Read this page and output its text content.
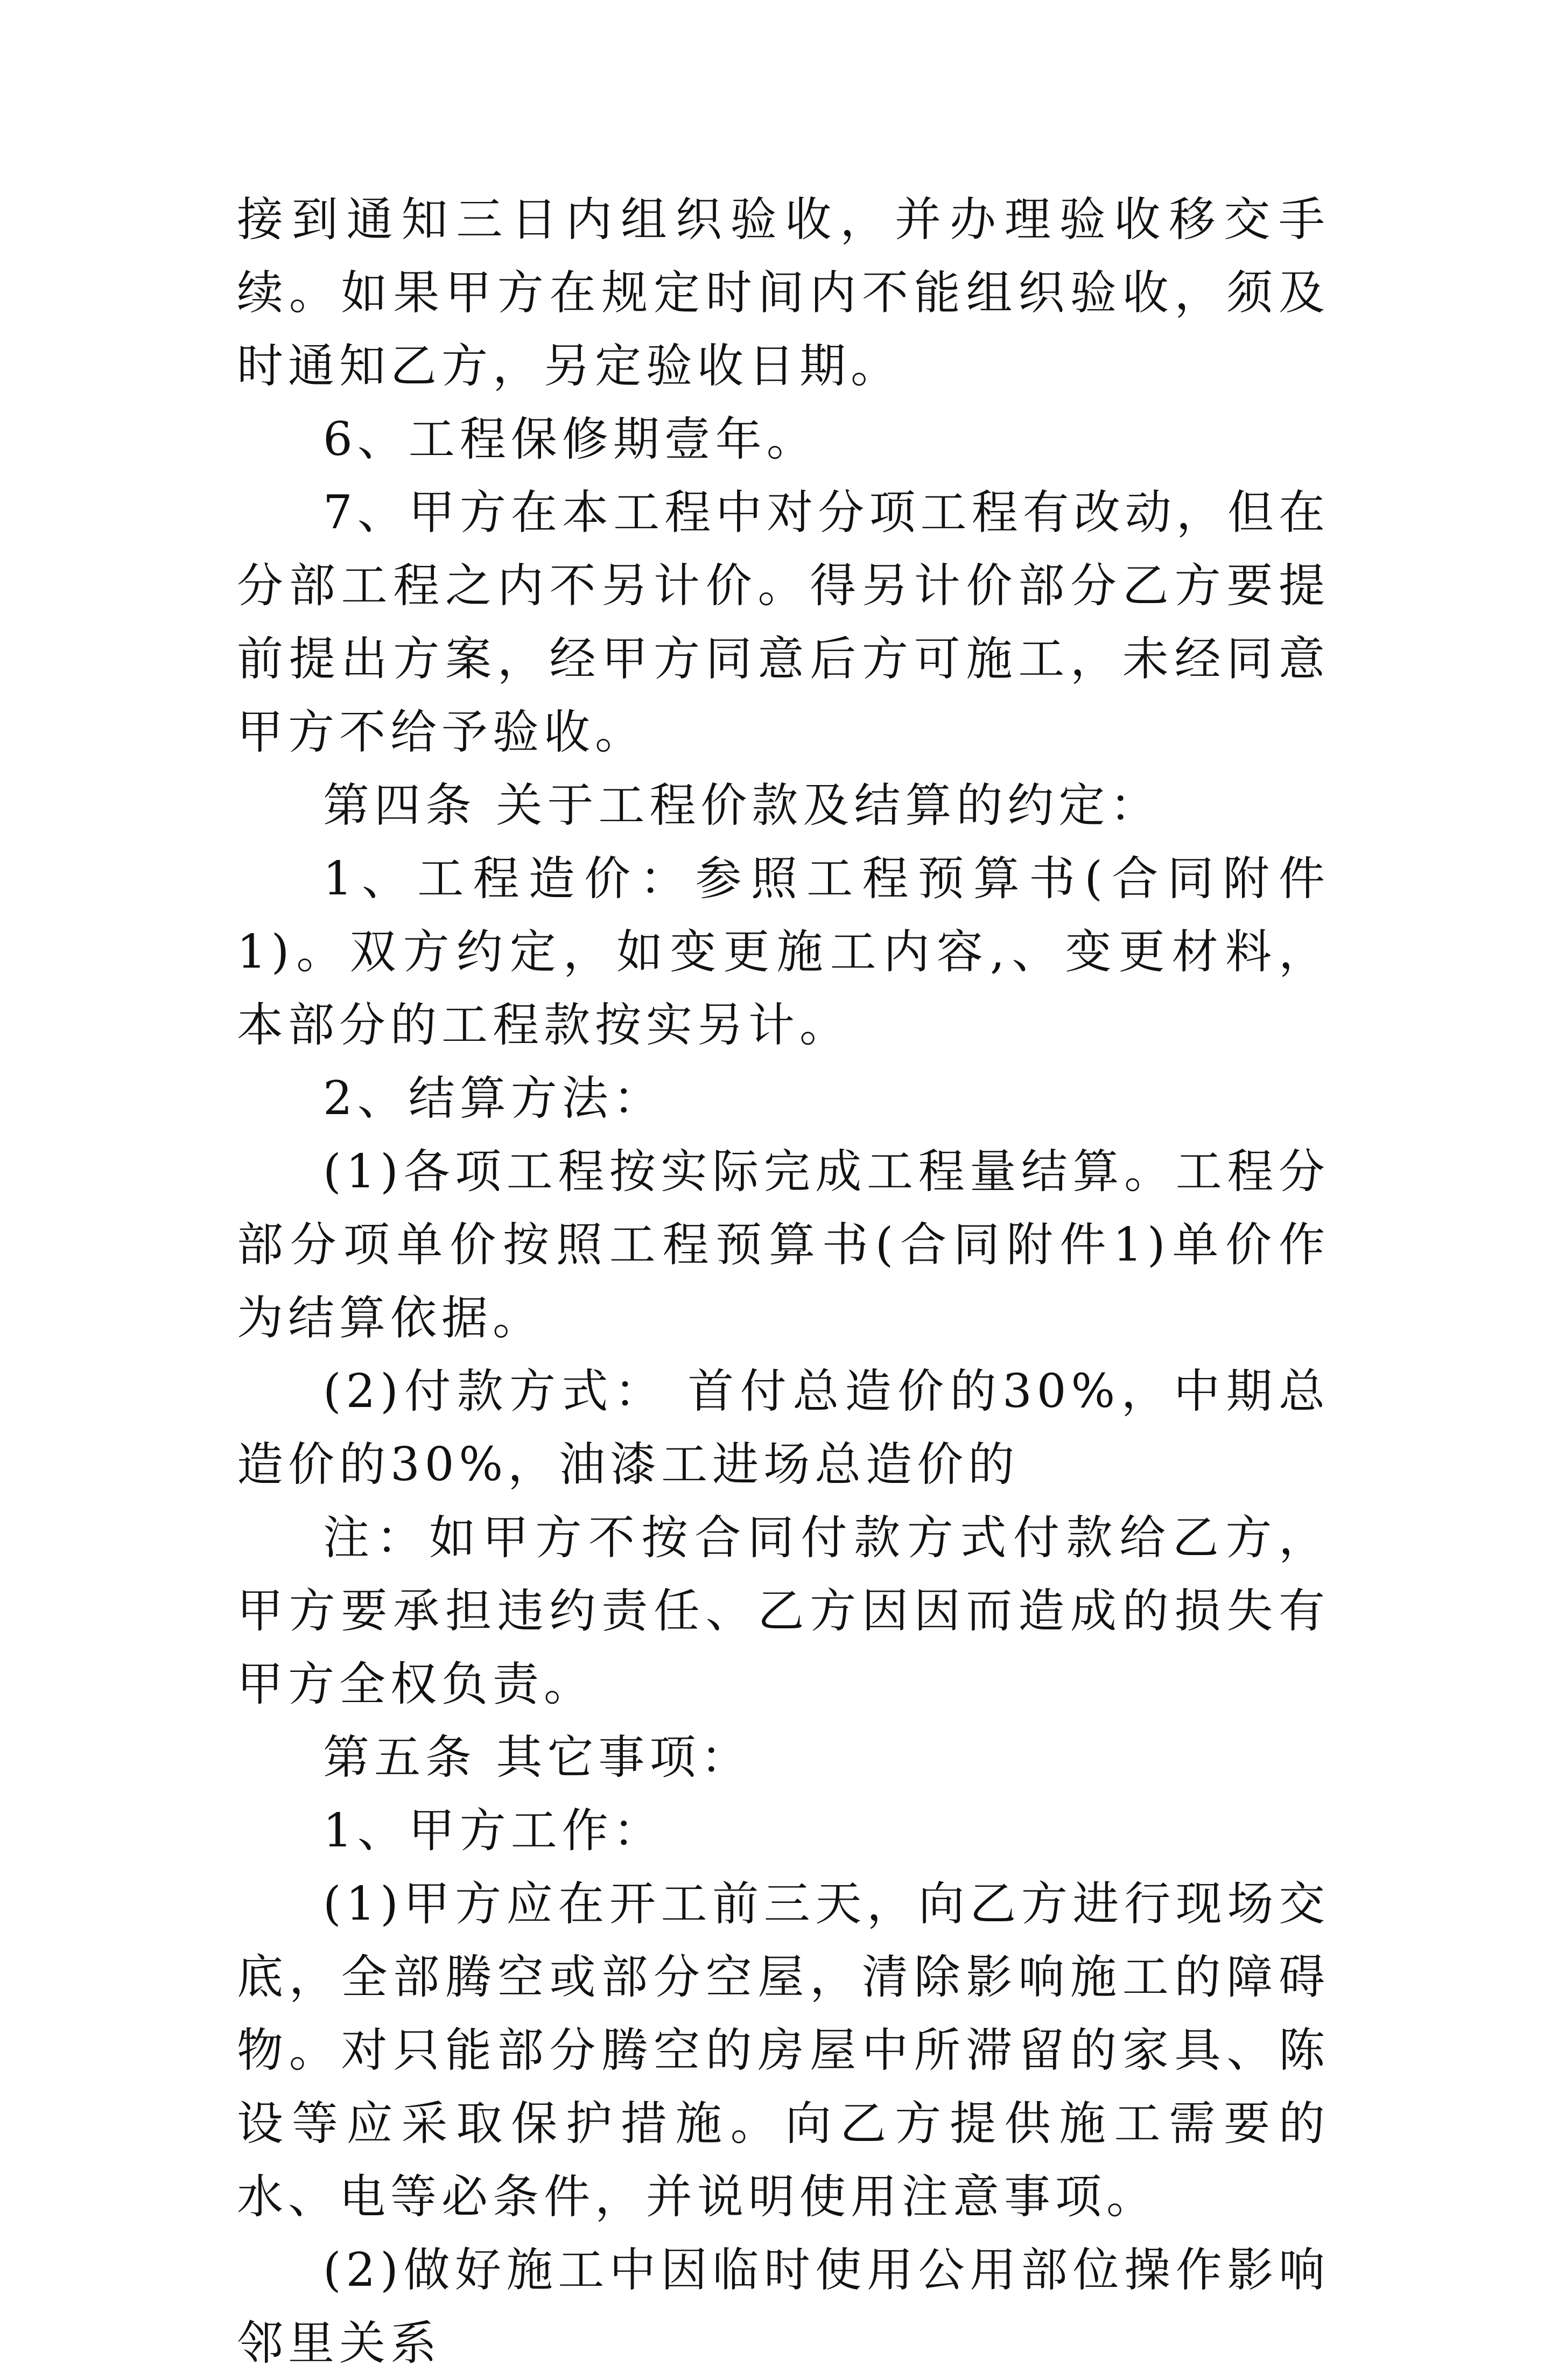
接到通知三日内组织验收，并办理验收移交手续。如果甲方在规定时间内不能组织验收，须及时通知乙方，另定验收日期。

6、工程保修期壹年。

7、甲方在本工程中对分项工程有改动，但在分部工程之内不另计价。得另计价部分乙方要提前提出方案，经甲方同意后方可施工，未经同意甲方不给予验收。

第四条 关于工程价款及结算的约定：

1、工程造价：参照工程预算书(合同附件1)。双方约定，如变更施工内容,、变更材料，本部分的工程款按实另计。

2、结算方法：

(1)各项工程按实际完成工程量结算。工程分部分项单价按照工程预算书(合同附件1)单价作为结算依据。

(2)付款方式： 首付总造价的30%，中期总造价的30%，油漆工进场总造价的

注：如甲方不按合同付款方式付款给乙方，甲方要承担违约责任、乙方因因而造成的损失有甲方全权负责。

第五条 其它事项：

1、甲方工作：

(1)甲方应在开工前三天，向乙方进行现场交底，全部腾空或部分空屋，清除影响施工的障碍物。对只能部分腾空的房屋中所滞留的家具、陈设等应采取保护措施。向乙方提供施工需要的水、电等必条件，并说明使用注意事项。

(2)做好施工中因临时使用公用部位操作影响邻里关系
